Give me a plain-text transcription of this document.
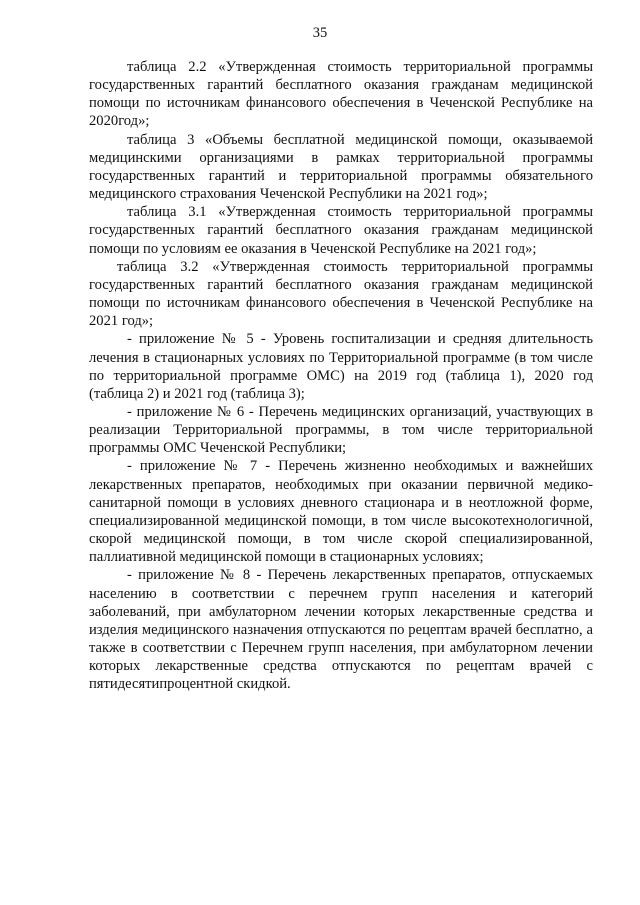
35

таблица 2.2 «Утвержденная стоимость территориальной программы государственных гарантий бесплатного оказания гражданам медицинской помощи по источникам финансового обеспечения в Чеченской Республике на 2020год»;

таблица 3 «Объемы бесплатной медицинской помощи, оказываемой медицинскими организациями в рамках территориальной программы государственных гарантий и территориальной программы обязательного медицинского страхования Чеченской Республики на 2021 год»;

таблица 3.1 «Утвержденная стоимость территориальной программы государственных гарантий бесплатного оказания гражданам медицинской помощи по условиям ее оказания в Чеченской Республике на 2021 год»;

таблица 3.2 «Утвержденная стоимость территориальной программы государственных гарантий бесплатного оказания гражданам медицинской помощи по источникам финансового обеспечения в Чеченской Республике на 2021 год»;

- приложение № 5 - Уровень госпитализации и средняя длительность лечения в стационарных условиях по Территориальной программе (в том числе по территориальной программе ОМС) на 2019 год (таблица 1), 2020 год (таблица 2) и 2021 год (таблица 3);

- приложение № 6 - Перечень медицинских организаций, участвующих в реализации Территориальной программы, в том числе территориальной программы ОМС Чеченской Республики;

- приложение № 7 - Перечень жизненно необходимых и важнейших лекарственных препаратов, необходимых при оказании первичной медико-санитарной помощи в условиях дневного стационара и в неотложной форме, специализированной медицинской помощи, в том числе высокотехнологичной, скорой медицинской помощи, в том числе скорой специализированной, паллиативной медицинской помощи в стационарных условиях;

- приложение № 8 - Перечень лекарственных препаратов, отпускаемых населению в соответствии с перечнем групп населения и категорий заболеваний, при амбулаторном лечении которых лекарственные средства и изделия медицинского назначения отпускаются по рецептам врачей бесплатно, а также в соответствии с Перечнем групп населения, при амбулаторном лечении которых лекарственные средства отпускаются по рецептам врачей с пятидесятипроцентной скидкой.
